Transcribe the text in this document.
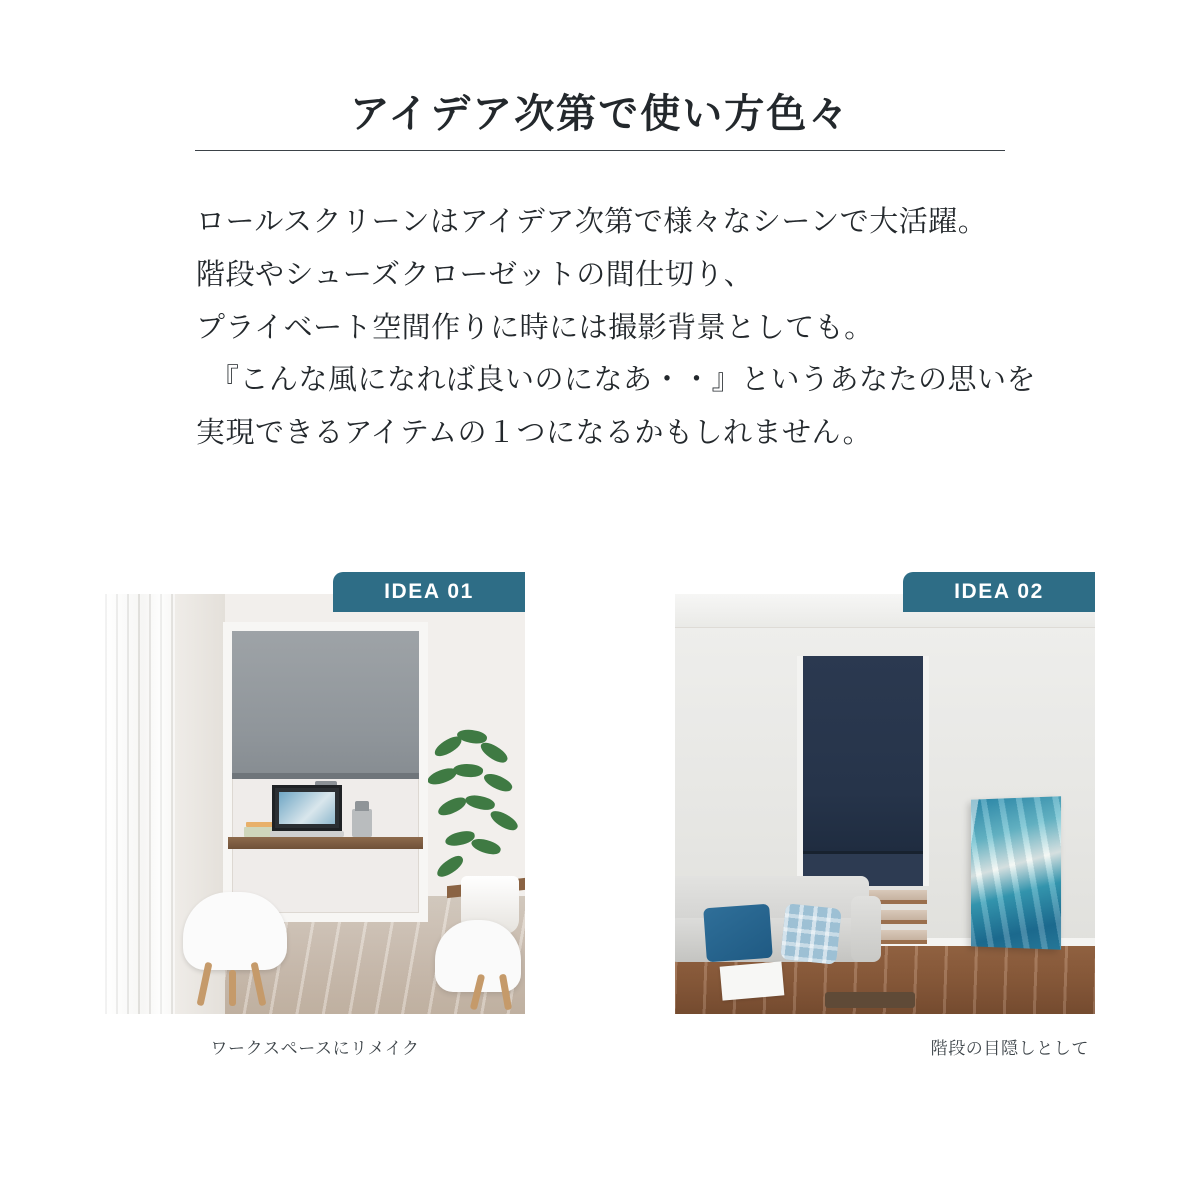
アイデア次第で使い方色々
ロールスクリーンはアイデア次第で様々なシーンで大活躍。
階段やシューズクローゼットの間仕切り、
プライベート空間作りに時には撮影背景としても。
『こんな風になれば良いのになあ・・』というあなたの思いを
実現できるアイテムの１つになるかもしれません。
IDEA 01
ワークスペースにリメイク
IDEA 02
階段の目隠しとして
